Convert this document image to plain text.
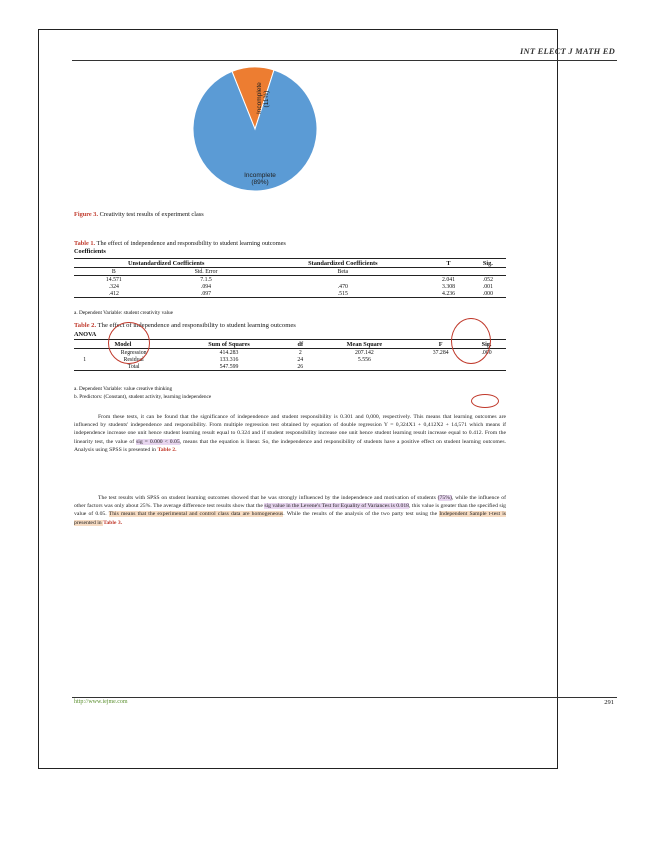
INT ELECT J MATH ED
Incomplete (11%)
Incomplete
(89%)
Figure 3. Creativity test results of experiment class
Table 1. The effect of independence and responsibility to student learning outcomes
Coefficients
Unstandardized Coefficients		Standardized Coefficients	T	Sig.
B	Std. Error	Beta		
14.571	7.1.5		2.041	.052
.324	.094	.470	3.308	.001
.412	.097	.515	4.236	.000
a. Dependent Variable: student creativity value
Table 2. The effect of independence and responsibility to student learning outcomes
ANOVA
Model		Sum of Squares	df	Mean Square	F	Sig.
1	Regression	414.283	2	207.142	37.284	.000
	Residual	133.316	24	5.556		
	Total	547.599	26			
a. Dependent Variable: value creative thinking
b. Predictors: (Constant), student activity, learning independence

From these tests, it can be found that the significance of independence and student responsibility is 0.301 and 0,000, respectively. This means that learning outcomes are influenced by students' independence and responsibility. From multiple regression test obtained by equation of double regression Y = 0,324X1 + 0,412X2 + 14,571 which means if independence increase one unit hence student learning result equal to 0.324 and if student responsibility increase one unit hence student learning result increase equal to 0.412. From the linearity test, the value of sig = 0.000 < 0.05, means that the equation is linear. So, the independence and responsibility of students have a positive effect on student learning outcomes. Analysis using SPSS is presented in Table 2.

The test results with SPSS on student learning outcomes showed that he was strongly influenced by the independence and motivation of students (75%), while the influence of other factors was only about 25%. The average difference test results show that the sig value in the Levene's Test for Equality of Variances is 0.018, this value is greater than the specified sig value of 0.05. This means that the experimental and control class data are homogeneous. While the results of the analysis of the two party test using the Independent Sample t-test is presented in Table 3.

http://www.iejme.com	291
